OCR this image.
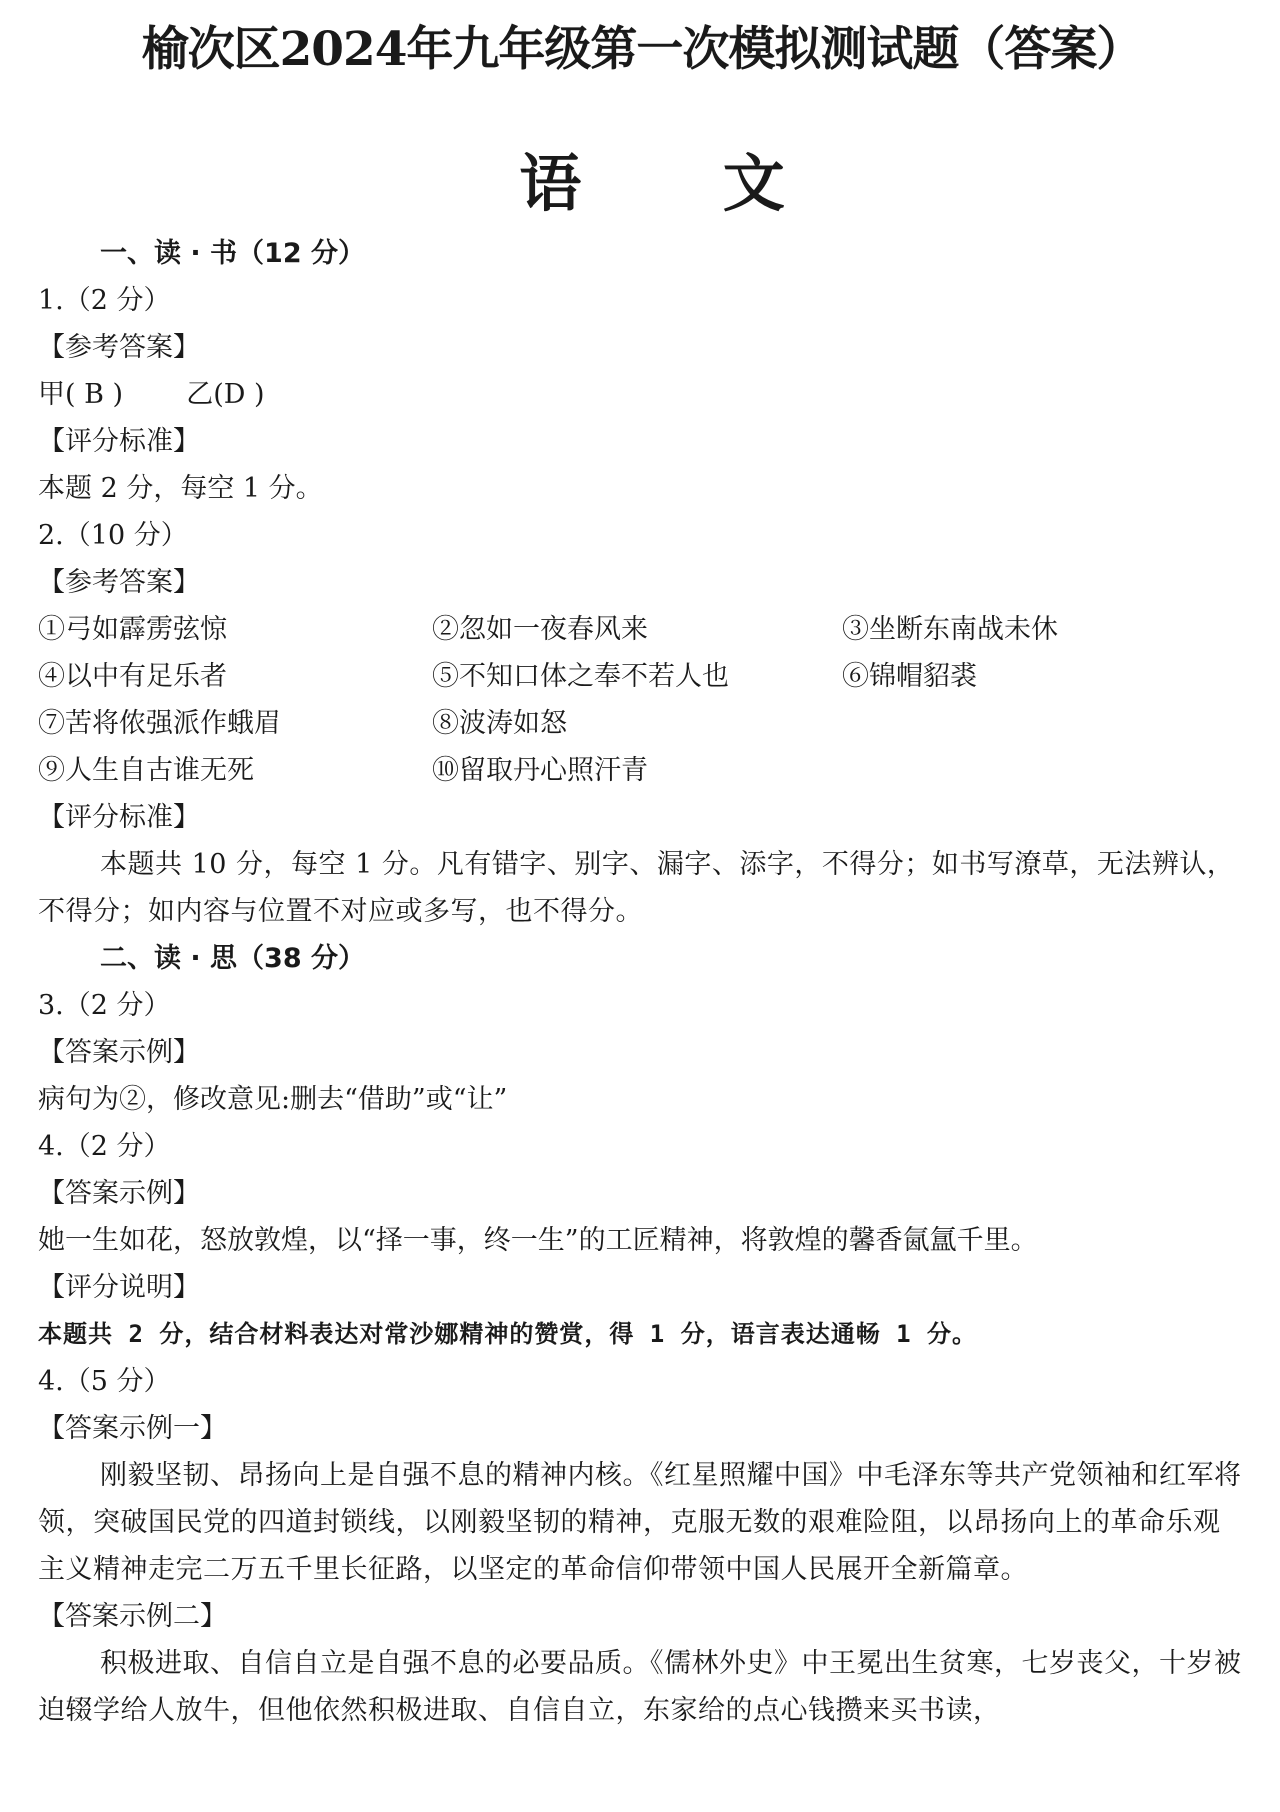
榆次区2024年九年级第一次模拟测试题（答案）
语 文
一、读 · 书（12 分）
1.（2 分）
【参考答案】
甲( B ) 乙(D )
【评分标准】
本题 2 分，每空 1 分。
2.（10 分）
【参考答案】
①弓如霹雳弦惊	②忽如一夜春风来	③坐断东南战未休
④以中有足乐者	⑤不知口体之奉不若人也	⑥锦帽貂裘
⑦苦将侬强派作蛾眉	⑧波涛如怒
⑨人生自古谁无死	⑩留取丹心照汗青
【评分标准】
本题共 10 分，每空 1 分。凡有错字、别字、漏字、添字，不得分；如书写潦草，无法辨认，不得分；如内容与位置不对应或多写，也不得分。
二、读 · 思（38 分）
3.（2 分）
【答案示例】
病句为②，修改意见:删去“借助”或“让”
4.（2 分）
【答案示例】
她一生如花，怒放敦煌，以“择一事，终一生”的工匠精神，将敦煌的馨香氤氲千里。
【评分说明】
本题共 2 分，结合材料表达对常沙娜精神的赞赏，得 1 分，语言表达通畅 1 分。
4.（5 分）
【答案示例一】
刚毅坚韧、昂扬向上是自强不息的精神内核。《红星照耀中国》中毛泽东等共产党领袖和红军将领，突破国民党的四道封锁线，以刚毅坚韧的精神，克服无数的艰难险阻，以昂扬向上的革命乐观主义精神走完二万五千里长征路，以坚定的革命信仰带领中国人民展开全新篇章。
【答案示例二】
积极进取、自信自立是自强不息的必要品质。《儒林外史》中王冕出生贫寒，七岁丧父，十岁被迫辍学给人放牛，但他依然积极进取、自信自立，东家给的点心钱攒来买书读，
